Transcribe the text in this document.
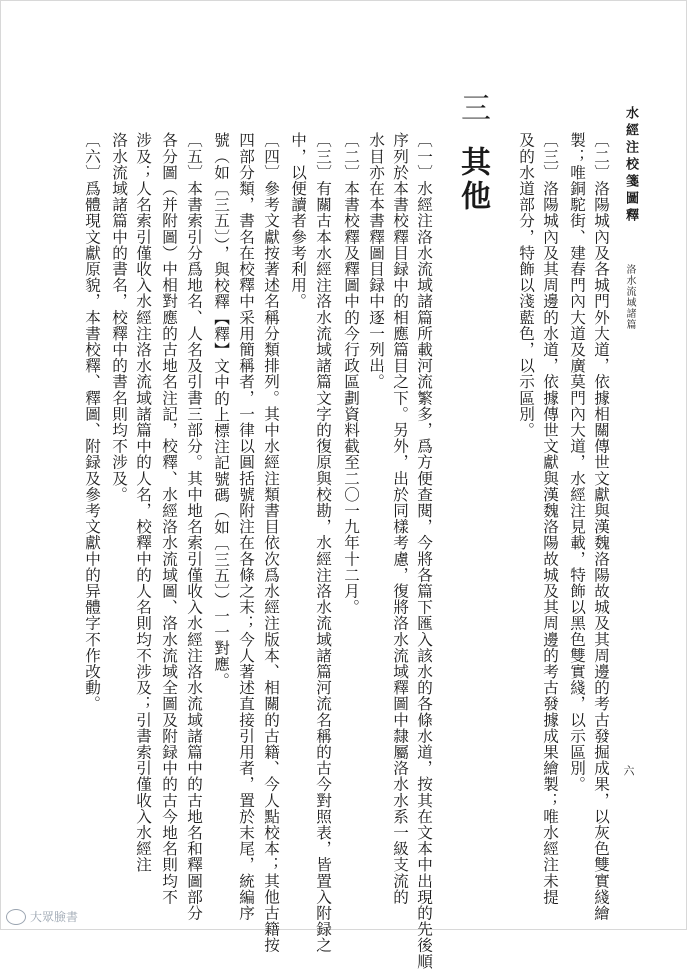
水經注校箋圖釋
洛水流域諸篇
六
〔二〕洛陽城內及各城門外大道，依據相關傳世文獻與漢魏洛陽故城及其周邊的考古發掘成果，以灰色雙實綫繪
製；唯銅駝街、建春門內大道及廣莫門內大道，水經注見載，特飾以黑色雙實綫，以示區別。
〔三〕洛陽城內及其周邊的水道，依據傳世文獻與漢魏洛陽故城及其周邊的考古發據成果繪製；唯水經注未提
及的水道部分，特飾以淺藍色，以示區別。
三
其他
〔一〕水經注洛水流域諸篇所載河流繁多，爲方便查閱，今將各篇下匯入該水的各條水道，按其在文本中出現的先後順
序列於本書校釋目録中的相應篇目之下。另外，出於同樣考慮，復將洛水流域釋圖中隸屬洛水水系一級支流的
水目亦在本書釋圖目録中逐一列出。
〔二〕本書校釋及釋圖中的今行政區劃資料截至二〇一九年十二月。
〔三〕有關古本水經注洛水流域諸篇文字的復原與校勘，水經注洛水流域諸篇河流名稱的古今對照表，皆置入附録之
中，以便讀者參考利用。
〔四〕參考文獻按著述名稱分類排列。其中水經注類書目依次爲水經注版本、相關的古籍、今人點校本；其他古籍按
四部分類，書名在校釋中采用簡稱者，一律以圓括號附注在各條之末；今人著述直接引用者，置於末尾，統編序
號（如〔三五〕），與校釋【釋】文中的上標注記號碼（如〔三五〕）一一對應。
〔五〕本書索引分爲地名、人名及引書三部分。其中地名索引僅收入水經注洛水流域諸篇中的古地名和釋圖部分
各分圖（并附圖）中相對應的古地名注記，校釋、水經洛水流域圖、洛水流域全圖及附録中的古今地名則均不
涉及；人名索引僅收入水經注洛水流域諸篇中的人名，校釋中的人名則均不涉及；引書索引僅收入水經注
洛水流域諸篇中的書名，校釋中的書名則均不涉及。
〔六〕爲體現文獻原貌，本書校釋、釋圖、附録及參考文獻中的异體字不作改動。
大眾臉書
